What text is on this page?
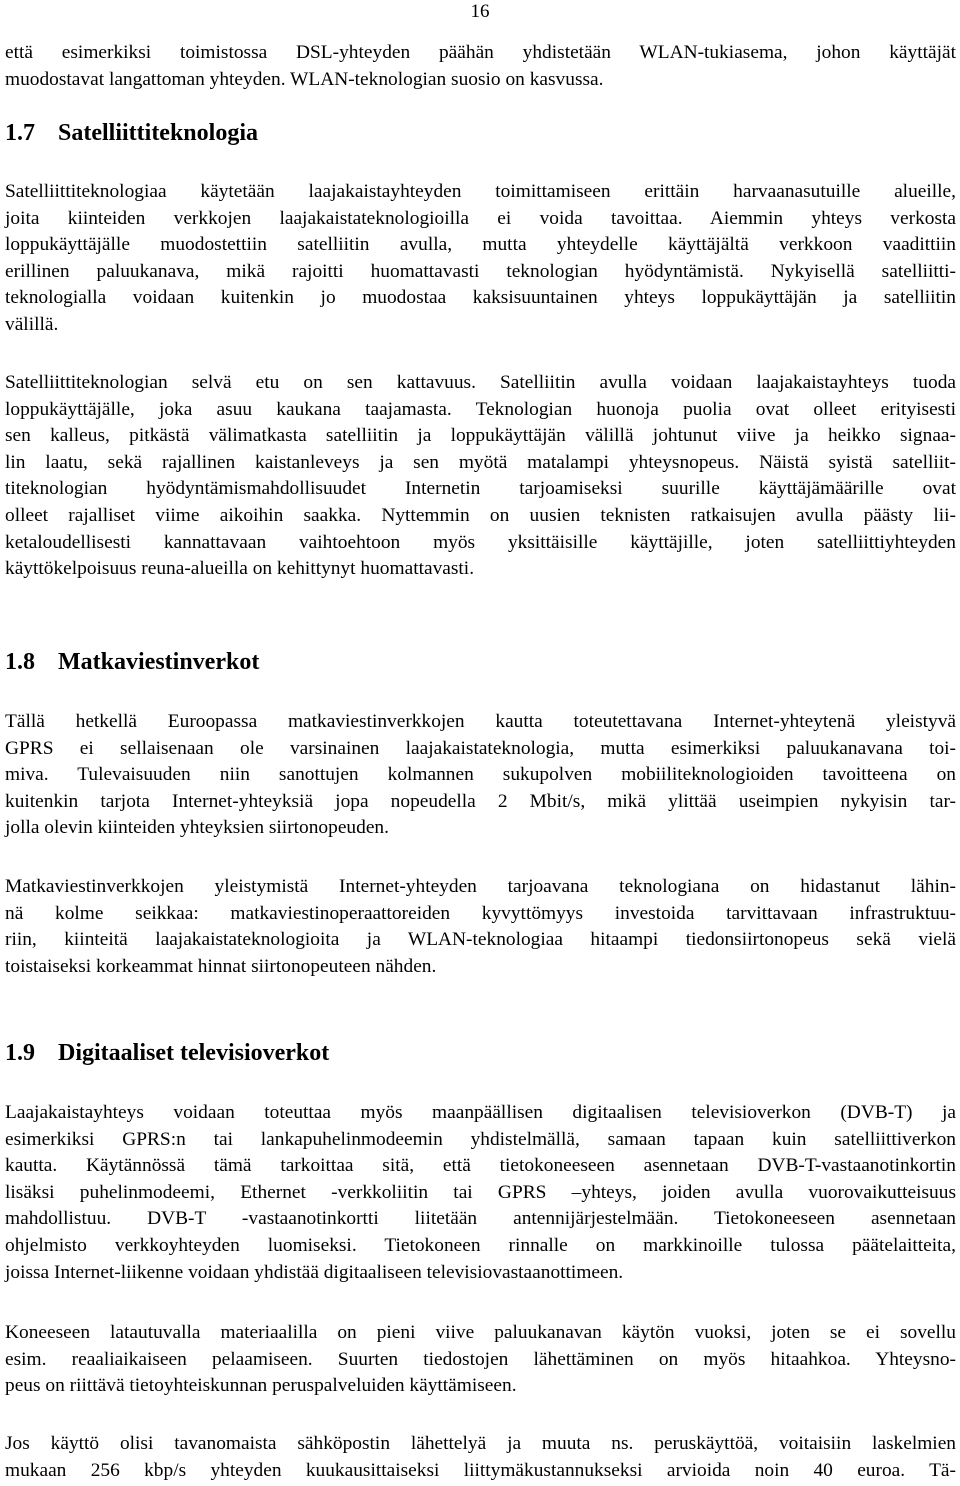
16
että esimerkiksi toimistossa DSL-yhteyden päähän yhdistetään WLAN-tukiasema, johon käyttäjät
muodostavat langattoman yhteyden. WLAN-teknologian suosio on kasvussa.
1.7 Satelliittiteknologia
Satelliittiteknologiaa käytetään laajakaistayhteyden toimittamiseen erittäin harvaanasutuille alueille,
joita kiinteiden verkkojen laajakaistateknologioilla ei voida tavoittaa. Aiemmin yhteys verkosta
loppukäyttäjälle muodostettiin satelliitin avulla, mutta yhteydelle käyttäjältä verkkoon vaadittiin
erillinen paluukanava, mikä rajoitti huomattavasti teknologian hyödyntämistä. Nykyisellä satelliitti-
teknologialla voidaan kuitenkin jo muodostaa kaksisuuntainen yhteys loppukäyttäjän ja satelliitin
välillä.
Satelliittiteknologian selvä etu on sen kattavuus. Satelliitin avulla voidaan laajakaistayhteys tuoda
loppukäyttäjälle, joka asuu kaukana taajamasta. Teknologian huonoja puolia ovat olleet erityisesti
sen kalleus, pitkästä välimatkasta satelliitin ja loppukäyttäjän välillä johtunut viive ja heikko signaa-
lin laatu, sekä rajallinen kaistanleveys ja sen myötä matalampi yhteysnopeus. Näistä syistä satelliit-
titeknologian hyödyntämismahdollisuudet Internetin tarjoamiseksi suurille käyttäjämäärille ovat
olleet rajalliset viime aikoihin saakka. Nyttemmin on uusien teknisten ratkaisujen avulla päästy lii-
ketaloudellisesti kannattavaan vaihtoehtoon myös yksittäisille käyttäjille, joten satelliittiyhteyden
käyttökelpoisuus reuna-alueilla on kehittynyt huomattavasti.
1.8 Matkaviestinverkot
Tällä hetkellä Euroopassa matkaviestinverkkojen kautta toteutettavana Internet-yhteytenä yleistyvä
GPRS ei sellaisenaan ole varsinainen laajakaistateknologia, mutta esimerkiksi paluukanavana toi-
miva. Tulevaisuuden niin sanottujen kolmannen sukupolven mobiiliteknologioiden tavoitteena on
kuitenkin tarjota Internet-yhteyksiä jopa nopeudella 2 Mbit/s, mikä ylittää useimpien nykyisin tar-
jolla olevin kiinteiden yhteyksien siirtonopeuden.
Matkaviestinverkkojen yleistymistä Internet-yhteyden tarjoavana teknologiana on hidastanut lähin-
nä kolme seikkaa: matkaviestinoperaattoreiden kyvyttömyys investoida tarvittavaan infrastruktuu-
riin, kiinteitä laajakaistateknologioita ja WLAN-teknologiaa hitaampi tiedonsiirtonopeus sekä vielä
toistaiseksi korkeammat hinnat siirtonopeuteen nähden.
1.9 Digitaaliset televisioverkot
Laajakaistayhteys voidaan toteuttaa myös maanpäällisen digitaalisen televisioverkon (DVB-T) ja
esimerkiksi GPRS:n tai lankapuhelinmodeemin yhdistelmällä, samaan tapaan kuin satelliittiverkon
kautta. Käytännössä tämä tarkoittaa sitä, että tietokoneeseen asennetaan DVB-T-vastaanotinkortin
lisäksi puhelinmodeemi, Ethernet -verkkoliitin tai GPRS –yhteys, joiden avulla vuorovaikutteisuus
mahdollistuu. DVB-T -vastaanotinkortti liitetään antennijärjestelmään. Tietokoneeseen asennetaan
ohjelmisto verkkoyhteyden luomiseksi. Tietokoneen rinnalle on markkinoille tulossa päätelaitteita,
joissa Internet-liikenne voidaan yhdistää digitaaliseen televisiovastaanottimeen.
Koneeseen latautuvalla materiaalilla on pieni viive paluukanavan käytön vuoksi, joten se ei sovellu
esim. reaaliaikaiseen pelaamiseen. Suurten tiedostojen lähettäminen on myös hitaahkoa. Yhteysno-
peus on riittävä tietoyhteiskunnan peruspalveluiden käyttämiseen.
Jos käyttö olisi tavanomaista sähköpostin lähettelyä ja muuta ns. peruskäyttöä, voitaisiin laskelmien
mukaan 256 kbp/s yhteyden kuukausittaiseksi liittymäkustannukseksi arvioida noin 40 euroa. Tä-
